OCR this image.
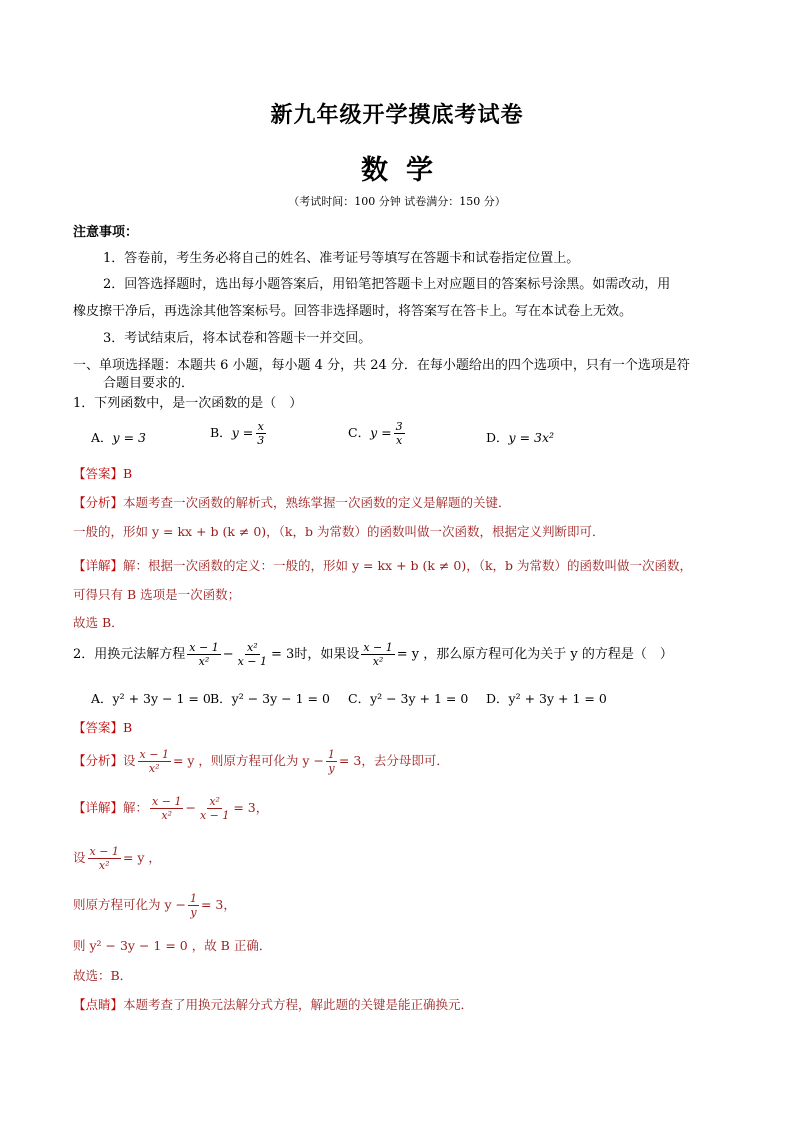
新九年级开学摸底考试卷
数学
（考试时间：100 分钟 试卷满分：150 分）
注意事项：
1．答卷前，考生务必将自己的姓名、准考证号等填写在答题卡和试卷指定位置上。
2．回答选择题时，选出每小题答案后，用铅笔把答题卡上对应题目的答案标号涂黑。如需改动，用
橡皮擦干净后，再选涂其他答案标号。回答非选择题时，将答案写在答卡上。写在本试卷上无效。
3．考试结束后，将本试卷和答题卡一并交回。
一、单项选择题：本题共 6 小题，每小题 4 分，共 24 分．在每小题给出的四个选项中，只有一个选项是符
合题目要求的．
1．下列函数中，是一次函数的是（　）
A．y = 3	B．$y = \frac{x}{3}$	C．$y = \frac{3}{x}$	D．y = 3x²
【答案】B
【分析】本题考查一次函数的解析式，熟练掌握一次函数的定义是解题的关键．
一般的，形如 y = kx + b (k ≠ 0)，（k，b 为常数）的函数叫做一次函数，根据定义判断即可．
【详解】解：根据一次函数的定义：一般的，形如 y = kx + b (k ≠ 0)，（k，b 为常数）的函数叫做一次函数，
可得只有 B 选项是一次函数；
故选 B．
2．用换元法解方程 $\frac{x - 1}{\text{x²}} - \frac{\text{x²}}{x - 1} = 3$时，如果设 $\frac{x - 1}{\text{x²}} = y$ ，那么原方程可化为关于 y 的方程是（　）
A．y² + 3y − 1 = 0 B．y² − 3y − 1 = 0 C．y² − 3y + 1 = 0 D．y² + 3y + 1 = 0
【答案】B
【分析】设 $\frac{x - 1}{\text{x²}} = y$ ，则原方程可化为 $y - \frac{1}{y} = 3$，去分母即可．
【详解】解： $\frac{x - 1}{\text{x²}} - \frac{\text{x²}}{x - 1} = 3$，
设 $\frac{x - 1}{\text{x²}} = y$ ，
则原方程可化为 $y - \frac{1}{y} = 3$，
则 y² − 3y − 1 = 0 ，故 B 正确．
故选：B．
【点睛】本题考查了用换元法解分式方程，解此题的关键是能正确换元．
